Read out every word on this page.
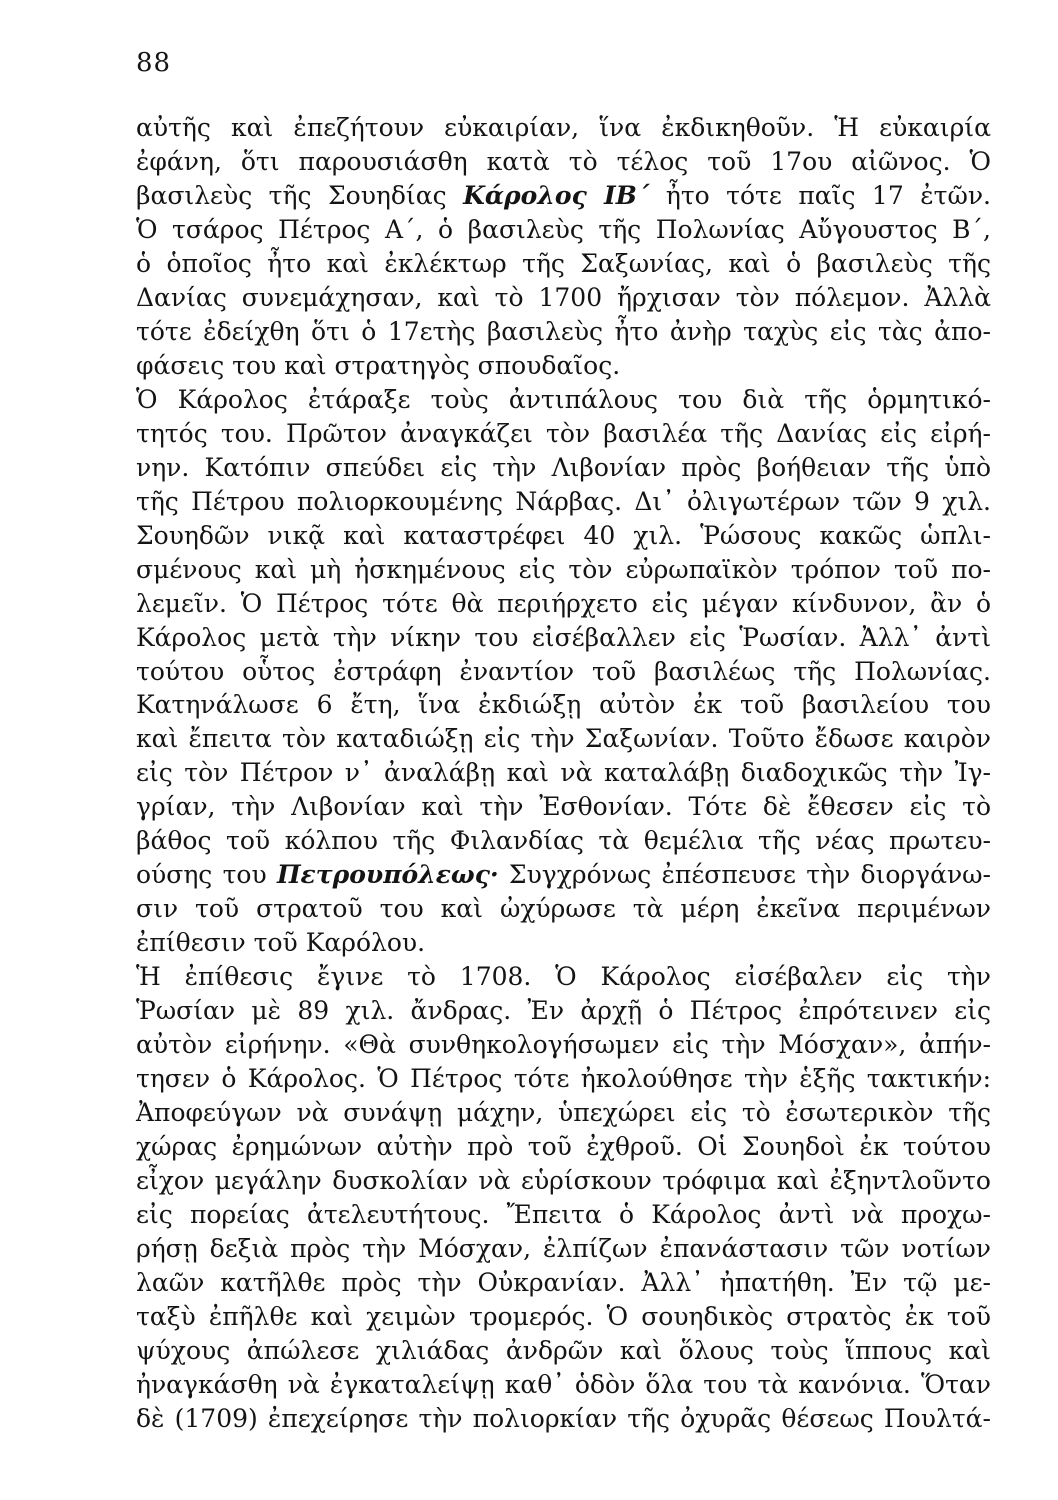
88
αὐτῆς καὶ ἐπεζήτουν εὐκαιρίαν, ἵνα ἐκδικηθοῦν. Ἡ εὐκαιρία
ἐφάνη, ὅτι παρουσιάσθη κατὰ τὸ τέλος τοῦ 17ου αἰῶνος. Ὁ
βασιλεὺς τῆς Σουηδίας Κάρολος ΙΒ΄ ἦτο τότε παῖς 17 ἐτῶν.
Ὁ τσάρος Πέτρος Α΄, ὁ βασιλεὺς τῆς Πολωνίας Αὔγουστος Β΄,
ὁ ὁποῖος ἦτο καὶ ἐκλέκτωρ τῆς Σαξωνίας, καὶ ὁ βασιλεὺς τῆς
Δανίας συνεμάχησαν, καὶ τὸ 1700 ἤρχισαν τὸν πόλεμον. Ἀλλὰ
τότε ἐδείχθη ὅτι ὁ 17ετὴς βασιλεὺς ἦτο ἀνὴρ ταχὺς εἰς τὰς ἀπο-
φάσεις του καὶ στρατηγὸς σπουδαῖος.
Ὁ Κάρολος ἐτάραξε τοὺς ἀντιπάλους του διὰ τῆς ὁρμητικό-
τητός του. Πρῶτον ἀναγκάζει τὸν βασιλέα τῆς Δανίας εἰς εἰρή-
νην. Κατόπιν σπεύδει εἰς τὴν Λιβονίαν πρὸς βοήθειαν τῆς ὑπὸ
τῆς Πέτρου πολιορκουμένης Νάρβας. Δι᾿ ὀλιγωτέρων τῶν 9 χιλ.
Σουηδῶν νικᾷ καὶ καταστρέφει 40 χιλ. Ῥώσους κακῶς ὡπλι-
σμένους καὶ μὴ ἠσκημένους εἰς τὸν εὐρωπαϊκὸν τρόπον τοῦ πο-
λεμεῖν. Ὁ Πέτρος τότε θὰ περιήρχετο εἰς μέγαν κίνδυνον, ἂν ὁ
Κάρολος μετὰ τὴν νίκην του εἰσέβαλλεν εἰς Ῥωσίαν. Ἀλλ᾿ ἀντὶ
τούτου οὗτος ἐστράφη ἐναντίον τοῦ βασιλέως τῆς Πολωνίας.
Κατηνάλωσε 6 ἔτη, ἵνα ἐκδιώξῃ αὐτὸν ἐκ τοῦ βασιλείου του
καὶ ἔπειτα τὸν καταδιώξῃ εἰς τὴν Σαξωνίαν. Τοῦτο ἔδωσε καιρὸν
εἰς τὸν Πέτρον ν᾿ ἀναλάβῃ καὶ νὰ καταλάβῃ διαδοχικῶς τὴν Ἰγ-
γρίαν, τὴν Λιβονίαν καὶ τὴν Ἐσθονίαν. Τότε δὲ ἔθεσεν εἰς τὸ
βάθος τοῦ κόλπου τῆς Φιλανδίας τὰ θεμέλια τῆς νέας πρωτευ-
ούσης του Πετρουπόλεως· Συγχρόνως ἐπέσπευσε τὴν διοργάνω-
σιν τοῦ στρατοῦ του καὶ ὠχύρωσε τὰ μέρη ἐκεῖνα περιμένων
ἐπίθεσιν τοῦ Καρόλου.
Ἡ ἐπίθεσις ἔγινε τὸ 1708. Ὁ Κάρολος εἰσέβαλεν εἰς τὴν
Ῥωσίαν μὲ 89 χιλ. ἄνδρας. Ἐν ἀρχῇ ὁ Πέτρος ἐπρότεινεν εἰς
αὐτὸν εἰρήνην. «Θὰ συνθηκολογήσωμεν εἰς τὴν Μόσχαν», ἀπήν-
τησεν ὁ Κάρολος. Ὁ Πέτρος τότε ἠκολούθησε τὴν ἑξῆς τακτικήν:
Ἀποφεύγων νὰ συνάψῃ μάχην, ὑπεχώρει εἰς τὸ ἐσωτερικὸν τῆς
χώρας ἐρημώνων αὐτὴν πρὸ τοῦ ἐχθροῦ. Οἱ Σουηδοὶ ἐκ τούτου
εἶχον μεγάλην δυσκολίαν νὰ εὑρίσκουν τρόφιμα καὶ ἐξηντλοῦντο
εἰς πορείας ἀτελευτήτους. Ἔπειτα ὁ Κάρολος ἀντὶ νὰ προχω-
ρήσῃ δεξιὰ πρὸς τὴν Μόσχαν, ἐλπίζων ἐπανάστασιν τῶν νοτίων
λαῶν κατῆλθε πρὸς τὴν Οὐκρανίαν. Ἀλλ᾿ ἠπατήθη. Ἐν τῷ με-
ταξὺ ἐπῆλθε καὶ χειμὼν τρομερός. Ὁ σουηδικὸς στρατὸς ἐκ τοῦ
ψύχους ἀπώλεσε χιλιάδας ἀνδρῶν καὶ ὅλους τοὺς ἵππους καὶ
ἠναγκάσθη νὰ ἐγκαταλείψῃ καθ᾿ ὁδὸν ὅλα του τὰ κανόνια. Ὅταν
δὲ (1709) ἐπεχείρησε τὴν πολιορκίαν τῆς ὀχυρᾶς θέσεως Πουλτά-
